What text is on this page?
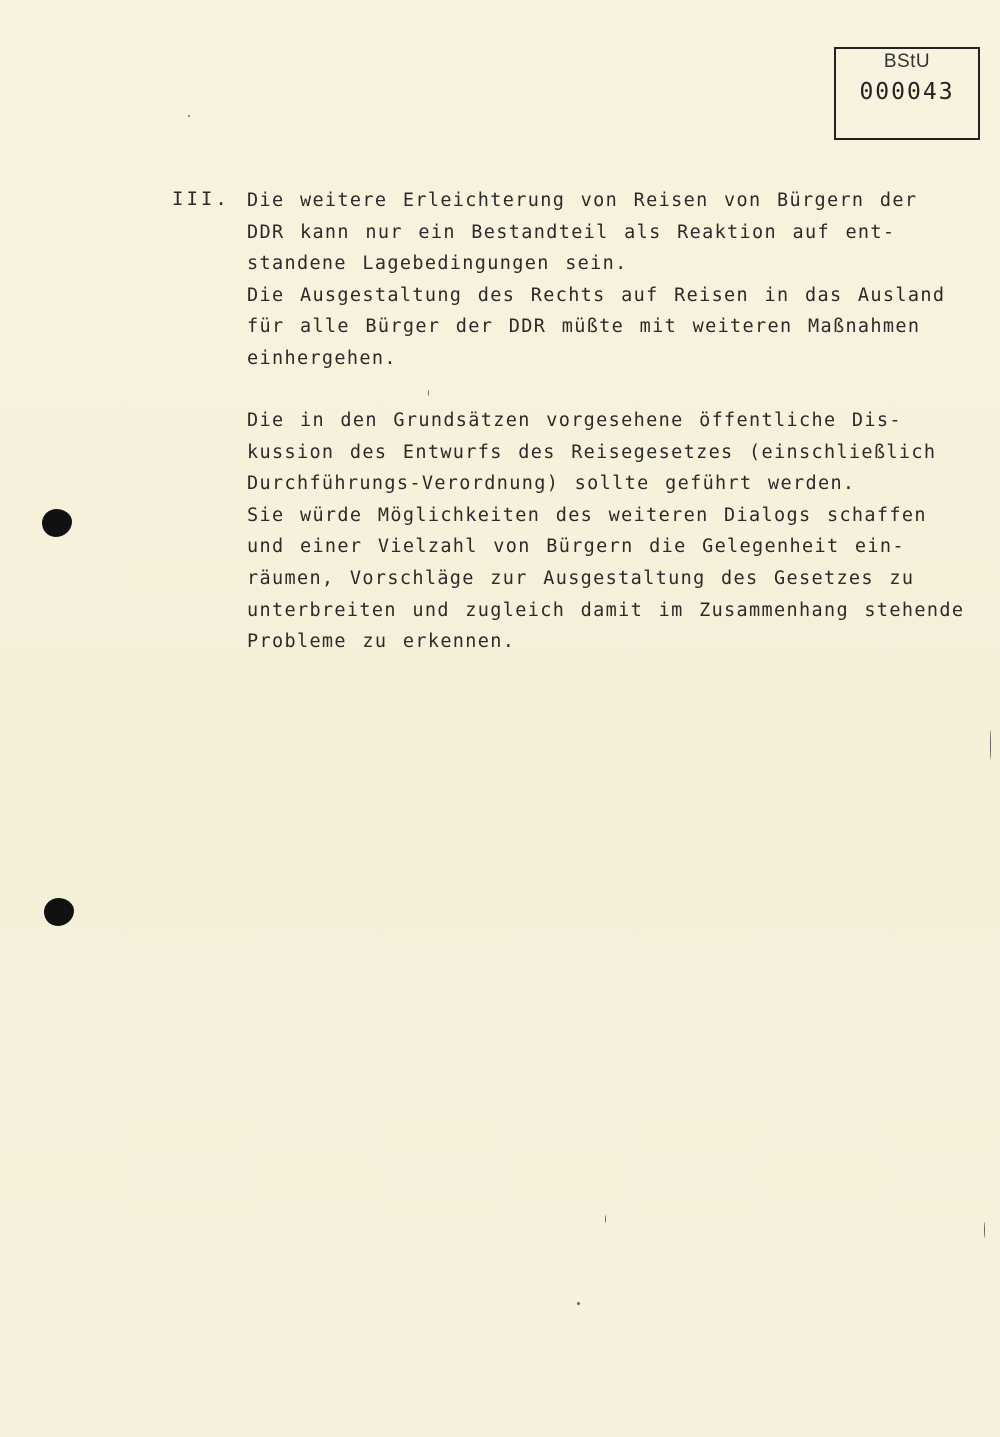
BStU
000043
III. Die weitere Erleichterung von Reisen von Bürgern der
DDR kann nur ein Bestandteil als Reaktion auf ent-
standene Lagebedingungen sein.
Die Ausgestaltung des Rechts auf Reisen in das Ausland
für alle Bürger der DDR müßte mit weiteren Maßnahmen
einhergehen.
Die in den Grundsätzen vorgesehene öffentliche Dis-
kussion des Entwurfs des Reisegesetzes (einschließlich
Durchführungs-Verordnung) sollte geführt werden.
Sie würde Möglichkeiten des weiteren Dialogs schaffen
und einer Vielzahl von Bürgern die Gelegenheit ein-
räumen, Vorschläge zur Ausgestaltung des Gesetzes zu
unterbreiten und zugleich damit im Zusammenhang stehende
Probleme zu erkennen.
